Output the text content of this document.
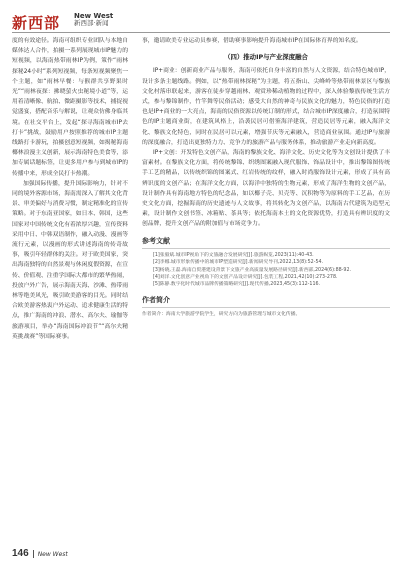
新西部 New West
新西部·新闻

度的有效途径。海南可组织专业团队与本地自媒体达人合作，拍摄一系列展现城市IP魅力的短视频，以海南热带雨林IP为例，策作“雨林探秘24小时”系列短视频，每条短视频聚焦一个主题，如“雨林早餐：与猴群共享野果时光”“雨林夜探：拂晓萤火虫秘境小道”等，运用着清晰像、航拍、微距摄影等技术，捕捉视觉盛宴，搭配音乐与解说，让观众仿佛身临其境。在社交平台上，发起“探寻海南城市IP去打卡”挑战，鼓励用户按照推荐的城市IP主题线路打卡游玩，拍摄创意短视频，如揭秘海南椰林浪漫主义创新，展示海南特色美食等，添加专属话题标签，让更多用户参与到城市IP的传播中来，形成全民打卡热潮。

加强国际传播，提升国际影响力，针对不同的境外客源市场，海南需深入了解其文化背景、审美偏好与消费习惯，制定精准化的宣传策略。对于东南亚国家，如日本、韩国，这些国家对中国传统文化有着浓厚兴趣，宣传资料采用中日、中韩双语制作，融入动漫、漫画等流行元素，以漫画的形式讲述海南的传奇故事，吸引年轻群体的关注。对于欧美国家，突出海南独特的自然景观与休闲度假资源，在宣传、价值观、注重学国际大都市的繁华热闹，投放户外广告，展示海南天海、沙滩、热带雨林等绝美风光，吸引欧美游客的目光。同时结合欧美游客热衷户外运动、追求健康生活的特点，推广海南的冲浪、潜水、高尔夫、瑜伽等旅游项目，举办“海南国际冲浪节”“高尔夫精英挑战赛”等国际赛事。

事，邀请欧美专业运动员参赛，借助赛事影响提升海南城市IP在国际体育界的知名度。

（四）推动IP与产业深度融合

IP+商业：创新商业产品与服务，海南可依托自身丰富的自然与人文资源，结合特色城市IP，设计多条主题线路。例如，以“热带雨林探秘”为主题，将五指山、尖峰岭等热带雨林景区与黎族文化村落串联起来，游客在徒步穿越雨林、观赏珍稀动植物的过程中，深入体验黎族传统生活方式，参与黎锦制作，竹竿舞等民俗活动；感受大自然的神奇与民族文化的魅力，特色民俗的打造也是IP+商业的一大亮点，海南的民俗资源以传统订制的形式，结合城市IP深度融合，打造氛围特色的IP主题商业街，在建筑风格上，沿袭民居可借鉴海洋建筑，营造民居等元素，融入海洋文化、黎族文化特色，同时在民居可以元素，增强节庆等元素融入，营造商业氛围。通过IP与旅游的深度融合，打造出更独特力力、竞争力的旅游产品与服务体系，推动旅游产业走向新高度。

IP+文创：开发特色文创产品，海南的黎族文化、海洋文化、历史文化等为文创设计提供了丰富素材。在黎族文化方面，将传统黎锦、织绣图案融入现代服饰、饰品设计中，推出黎锦图传统手工艺的精品，以传统织锦的图案式、红岩传统的纹样，融入时尚服饰设计元素，形成了具有高辨识度的文创产品；在海洋文化方面，以海洋中独特的生物元素，形成了海洋生物的文创产品，设计制作具有海南地方特色的纪念品，如以椰子壳、贝壳等、沉积物等为原料的手工艺品，在历史文化方面，挖掘海南的历史遗迹与人文故事，将其转化为文创产品，以海南古代建筑为造型元素，设计制作文创书签、冰箱贴、茶具等；依托海南本土的文化资源优势，打造具有辨识度的文创品牌，提升文创产品的附加值与市场竞争力。

参考文献

[1]张毅斌.城市IP视角下的文旅融合发展研究[J].旅游纵览,2023(11):40-43.

[2]李娜.城市形象传播中的城市IP塑造研究[J].新闻研究导刊,2022,13(8):52-54.

[3]杨晓,王磊.海南自贸港建设背景下文旅产业高质量发展路径研究[J].新西部,2024(6):88-92.

[4]刘洋.文化创意产业视角下的文创产品设计研究[J].包装工程,2021,42(10):273-278.

[5]陈静.数字化时代城市品牌传播策略研究[J].现代传播,2023,45(3):112-116.

作者简介
作者简介：海南大学旅游学院学生，研究方向为旅游管理与城市文化传播。
146 New West
